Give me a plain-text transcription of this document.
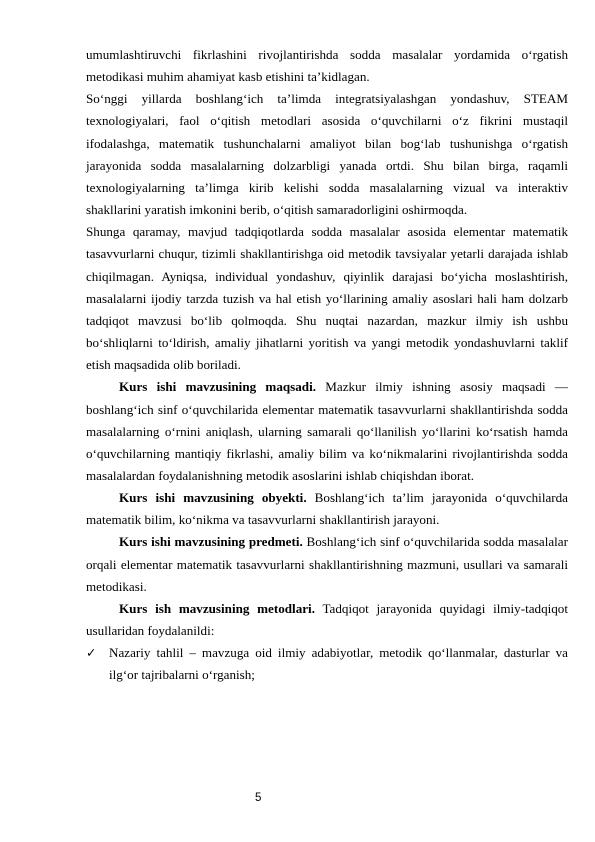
umumlashtiruvchi fikrlashini rivojlantirishda sodda masalalar yordamida o‘rgatish metodikasi muhim ahamiyat kasb etishini ta’kidlagan.

So‘nggi yillarda boshlang‘ich ta’limda integratsiyalashgan yondashuv, STEAM texnologiyalari, faol o‘qitish metodlari asosida o‘quvchilarni o‘z fikrini mustaqil ifodalashga, matematik tushunchalarni amaliyot bilan bog‘lab tushunishga o‘rgatish jarayonida sodda masalalarning dolzarbligi yanada ortdi. Shu bilan birga, raqamli texnologiyalarning ta’limga kirib kelishi sodda masalalarning vizual va interaktiv shakllarini yaratish imkonini berib, o‘qitish samaradorligini oshirmoqda.

Shunga qaramay, mavjud tadqiqotlarda sodda masalalar asosida elementar matematik tasavvurlarni chuqur, tizimli shakllantirishga oid metodik tavsiyalar yetarli darajada ishlab chiqilmagan. Ayniqsa, individual yondashuv, qiyinlik darajasi bo‘yicha moslashtirish, masalalarni ijodiy tarzda tuzish va hal etish yo‘llarining amaliy asoslari hali ham dolzarb tadqiqot mavzusi bo‘lib qolmoqda. Shu nuqtai nazardan, mazkur ilmiy ish ushbu bo‘shliqlarni to‘ldirish, amaliy jihatlarni yoritish va yangi metodik yondashuvlarni taklif etish maqsadida olib boriladi.

Kurs ishi mavzusining maqsadi. Mazkur ilmiy ishning asosiy maqsadi — boshlang‘ich sinf o‘quvchilarida elementar matematik tasavvurlarni shakllantirishda sodda masalalarning o‘rnini aniqlash, ularning samarali qo‘llanilish yo‘llarini ko‘rsatish hamda o‘quvchilarning mantiqiy fikrlashi, amaliy bilim va ko‘nikmalarini rivojlantirishda sodda masalalardan foydalanishning metodik asoslarini ishlab chiqishdan iborat.

Kurs ishi mavzusining obyekti. Boshlang‘ich ta’lim jarayonida o‘quvchilarda matematik bilim, ko‘nikma va tasavvurlarni shakllantirish jarayoni.

Kurs ishi mavzusining predmeti. Boshlang‘ich sinf o‘quvchilarida sodda masalalar orqali elementar matematik tasavvurlarni shakllantirishning mazmuni, usullari va samarali metodikasi.

Kurs ish mavzusining metodlari. Tadqiqot jarayonida quyidagi ilmiy-tadqiqot usullaridan foydalanildi:

✓ Nazariy tahlil – mavzuga oid ilmiy adabiyotlar, metodik qo‘llanmalar, dasturlar va ilg‘or tajribalarni o‘rganish;

5
